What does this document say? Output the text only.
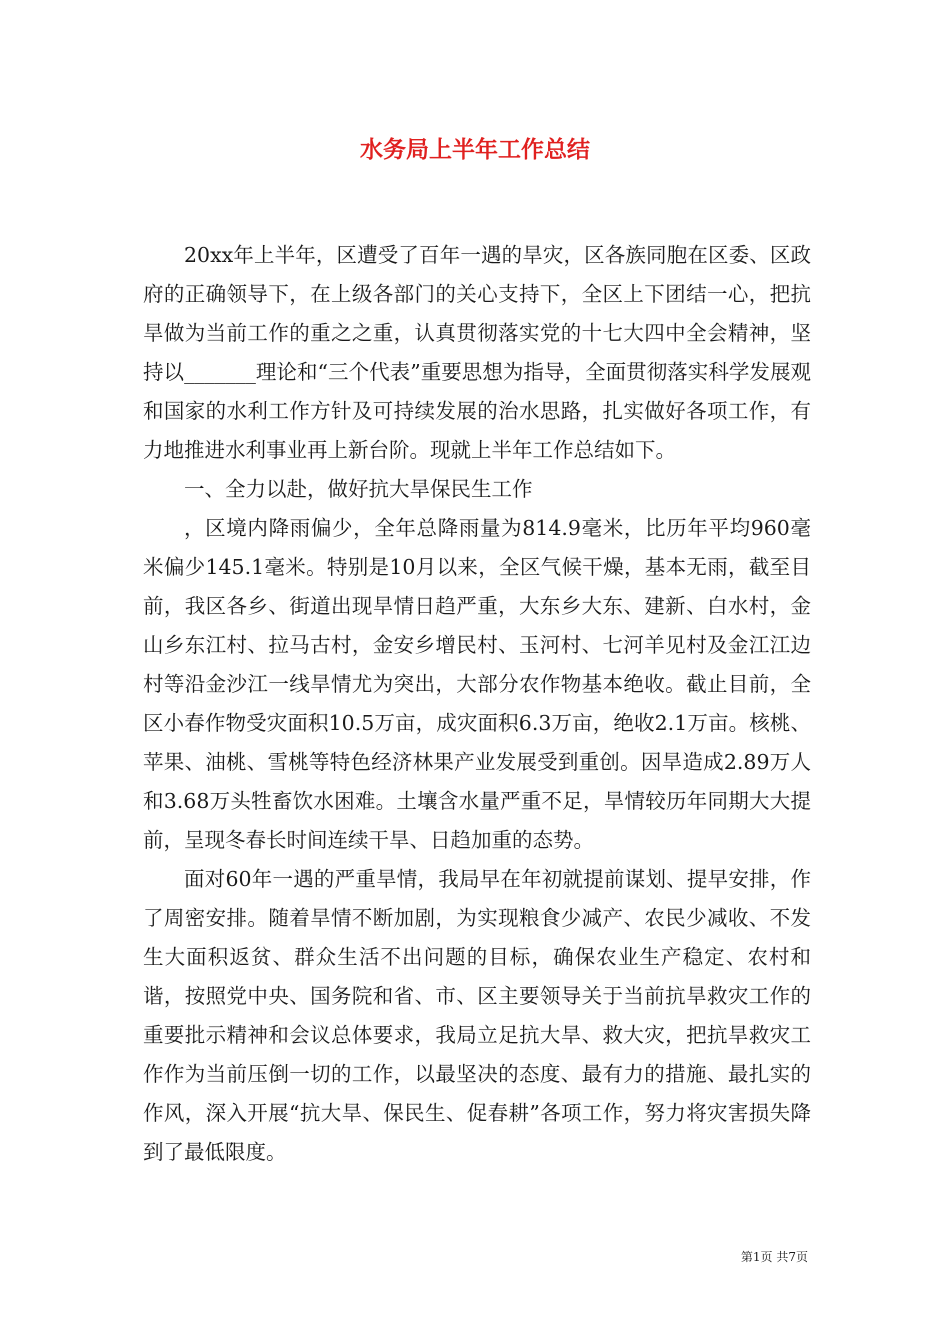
水务局上半年工作总结

20xx年上半年，区遭受了百年一遇的旱灾，区各族同胞在区委、区政府的正确领导下，在上级各部门的关心支持下，全区上下团结一心，把抗旱做为当前工作的重之之重，认真贯彻落实党的十七大四中全会精神，坚持以_______理论和“三个代表”重要思想为指导，全面贯彻落实科学发展观和国家的水利工作方针及可持续发展的治水思路，扎实做好各项工作，有力地推进水利事业再上新台阶。现就上半年工作总结如下。

一、全力以赴，做好抗大旱保民生工作

，区境内降雨偏少，全年总降雨量为814.9毫米，比历年平均960毫米偏少145.1毫米。特别是10月以来，全区气候干燥，基本无雨，截至目前，我区各乡、街道出现旱情日趋严重，大东乡大东、建新、白水村，金山乡东江村、拉马古村，金安乡增民村、玉河村、七河羊见村及金江江边村等沿金沙江一线旱情尤为突出，大部分农作物基本绝收。截止目前，全区小春作物受灾面积10.5万亩，成灾面积6.3万亩，绝收2.1万亩。核桃、苹果、油桃、雪桃等特色经济林果产业发展受到重创。因旱造成2.89万人和3.68万头牲畜饮水困难。土壤含水量严重不足，旱情较历年同期大大提前，呈现冬春长时间连续干旱、日趋加重的态势。

面对60年一遇的严重旱情，我局早在年初就提前谋划、提早安排，作了周密安排。随着旱情不断加剧，为实现粮食少减产、农民少减收、不发生大面积返贫、群众生活不出问题的目标，确保农业生产稳定、农村和谐，按照党中央、国务院和省、市、区主要领导关于当前抗旱救灾工作的重要批示精神和会议总体要求，我局立足抗大旱、救大灾，把抗旱救灾工作作为当前压倒一切的工作，以最坚决的态度、最有力的措施、最扎实的作风，深入开展“抗大旱、保民生、促春耕”各项工作，努力将灾害损失降到了最低限度。

第1页 共7页
